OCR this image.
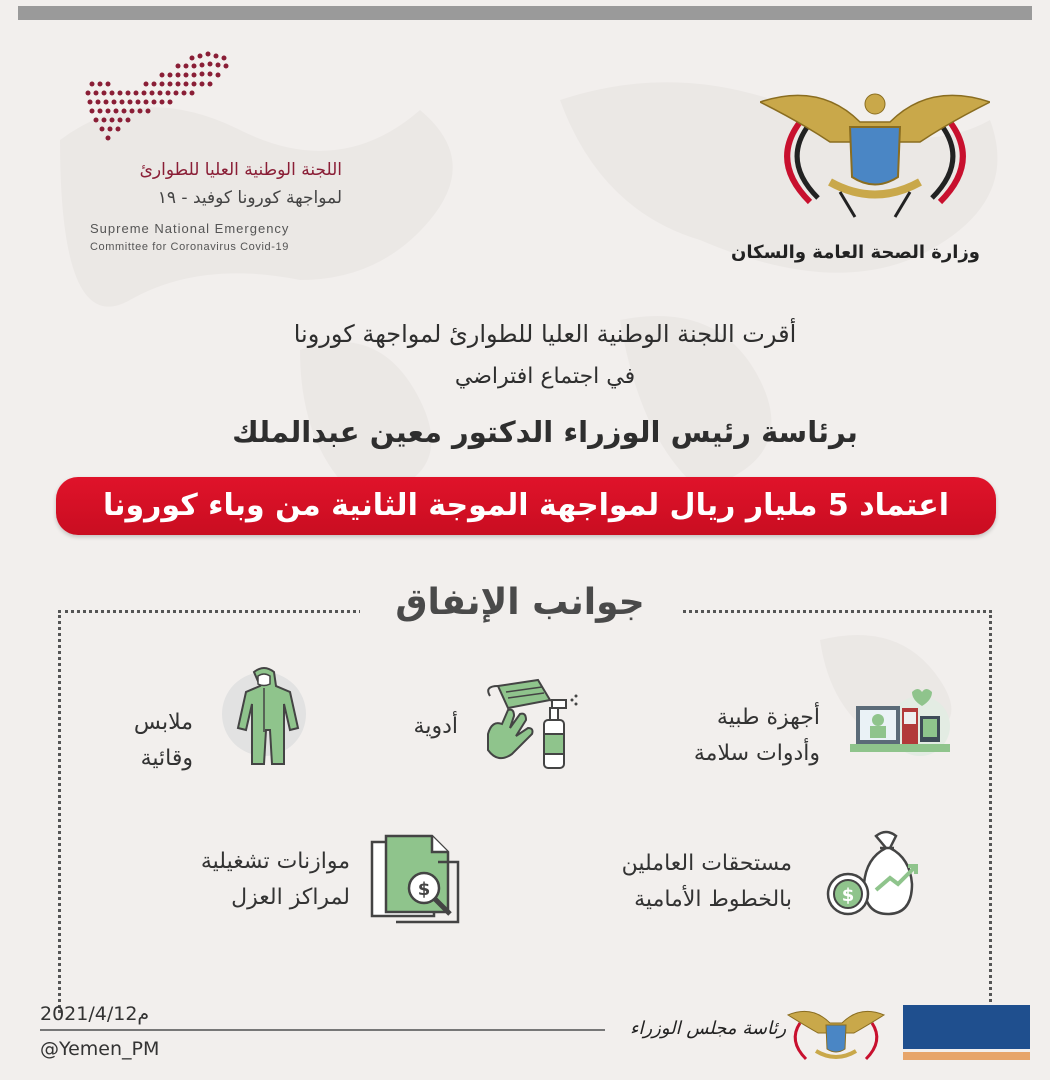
اللجنة الوطنية العليا للطوارئ
لمواجهة كورونا كوفيد - ١٩
Supreme National Emergency
Committee for Coronavirus Covid-19	وزارة الصحة العامة والسكان
أقرت اللجنة الوطنية العليا للطوارئ لمواجهة كورونا
في اجتماع افتراضي
برئاسة رئيس الوزراء الدكتور معين عبدالملك
اعتماد 5 مليار ريال لمواجهة الموجة الثانية من وباء كورونا
جوانب الإنفاق
أجهزة طبية
وأدوات سلامة
أدوية
ملابس
وقائية
مستحقات العاملين
بالخطوط الأمامية	$
موازنات تشغيلية
لمراكز العزل	$
2021/4/12م
@Yemen_PM
رئاسة مجلس الوزراء
